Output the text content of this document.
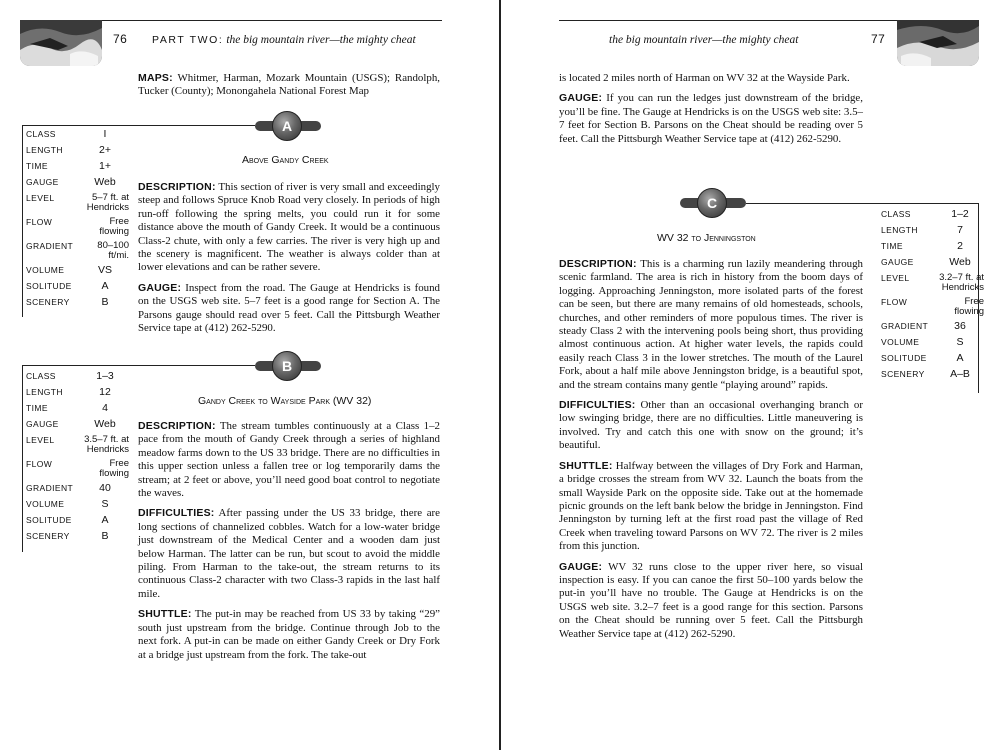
76 PART TWO: the big mountain river—the mighty cheat

MAPS: Whitmer, Harman, Mozark Mountain (USGS); Randolph, Tucker (County); Monongahela National Forest Map

A
Above Gandy Creek
CLASS	I
LENGTH	2+
TIME	1+
GAUGE	Web
LEVEL	5–7 ft. at Hendricks
FLOW	Free flowing
GRADIENT	80–100 ft/mi.
VOLUME	VS
SOLITUDE	A
SCENERY	B

DESCRIPTION: This section of river is very small and exceedingly steep and follows Spruce Knob Road very closely. In periods of high run-off following the spring melts, you could run it for some distance above the mouth of Gandy Creek. It would be a continuous Class-2 chute, with only a few carries. The river is very high up and the scenery is magnificent. The weather is always colder than at lower elevations and can be rather severe.

GAUGE: Inspect from the road. The Gauge at Hendricks is found on the USGS web site. 5–7 feet is a good range for Section A. The Parsons gauge should read over 5 feet. Call the Pittsburgh Weather Service tape at (412) 262-5290.

B
Gandy Creek to Wayside Park (WV 32)
CLASS	1–3
LENGTH	12
TIME	4
GAUGE	Web
LEVEL	3.5–7 ft. at Hendricks
FLOW	Free flowing
GRADIENT	40
VOLUME	S
SOLITUDE	A
SCENERY	B

DESCRIPTION: The stream tumbles continuously at a Class 1–2 pace from the mouth of Gandy Creek through a series of highland meadow farms down to the US 33 bridge. There are no difficulties in this upper section unless a fallen tree or log temporarily dams the stream; at 2 feet or above, you’ll need good boat control to negotiate the waves.

DIFFICULTIES: After passing under the US 33 bridge, there are long sections of channelized cobbles. Watch for a low-water bridge just downstream of the Medical Center and a wooden dam just below Harman. The latter can be run, but scout to avoid the middle piling. From Harman to the take-out, the stream returns to its continuous Class-2 character with two Class-3 rapids in the last half mile.

SHUTTLE: The put-in may be reached from US 33 by taking “29” south just upstream from the bridge. Continue through Job to the next fork. A put-in can be made on either Gandy Creek or Dry Fork at a bridge just upstream from the fork. The take-out

the big mountain river—the mighty cheat	77

is located 2 miles north of Harman on WV 32 at the Wayside Park.

GAUGE: If you can run the ledges just downstream of the bridge, you’ll be fine. The Gauge at Hendricks is on the USGS web site: 3.5–7 feet for Section B. Parsons on the Cheat should be reading over 5 feet. Call the Pittsburgh Weather Service tape at (412) 262-5290.

C
WV 32 to Jenningston
CLASS	1–2
LENGTH	7
TIME	2
GAUGE	Web
LEVEL	3.2–7 ft. at Hendricks
FLOW	Free flowing
GRADIENT	36
VOLUME	S
SOLITUDE	A
SCENERY	A–B

DESCRIPTION: This is a charming run lazily meandering through scenic farmland. The area is rich in history from the boom days of logging. Approaching Jenningston, more isolated parts of the forest can be seen, but there are many remains of old homesteads, schools, churches, and other reminders of more populous times. The river is steady Class 2 with the intervening pools being short, thus providing almost continuous action. At higher water levels, the rapids could easily reach Class 3 in the lower stretches. The mouth of the Laurel Fork, about a half mile above Jenningston bridge, is a beautiful spot, and the stream contains many gentle “playing around” rapids.

DIFFICULTIES: Other than an occasional overhanging branch or low swinging bridge, there are no difficulties. Little maneuvering is involved. Try and catch this one with snow on the ground; it’s beautiful.

SHUTTLE: Halfway between the villages of Dry Fork and Harman, a bridge crosses the stream from WV 32. Launch the boats from the small Wayside Park on the opposite side. Take out at the homemade picnic grounds on the left bank below the bridge in Jenningston. Find Jenningston by turning left at the first road past the village of Red Creek when traveling toward Parsons on WV 72. The river is 2 miles from this junction.

GAUGE: WV 32 runs close to the upper river here, so visual inspection is easy. If you can canoe the first 50–100 yards below the put-in you’ll have no trouble. The Gauge at Hendricks is on the USGS web site. 3.2–7 feet is a good range for this section. Parsons on the Cheat should be running over 5 feet. Call the Pittsburgh Weather Service tape at (412) 262-5290.
